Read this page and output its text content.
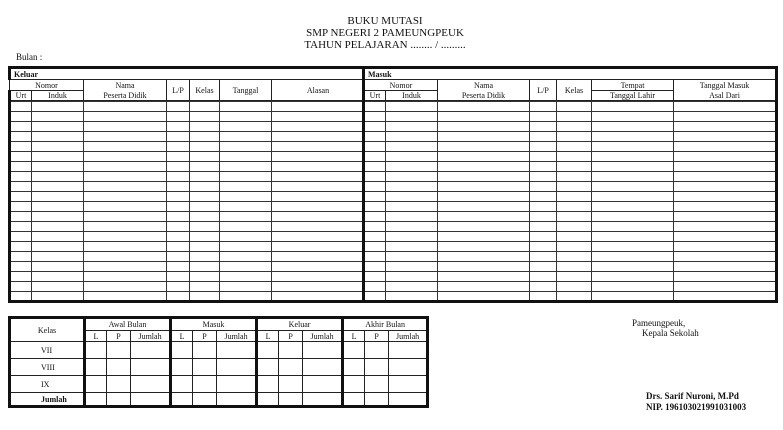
BUKU MUTASI
SMP NEGERI 2 PAMEUNGPEUK
TAHUN PELAJARAN ........ / .........
Bulan :
Keluar						
Nomor		Nama	L/P	Kelas	Tanggal	Alasan
Urt	Induk	Peserta Didik				
Masuk						
Nomor		Nama	L/P	Kelas	Tempat	Tanggal Masuk
Urt	Induk	Peserta Didik			Tanggal Lahir	Asal Dari

Kelas	Awal Bulan			Masuk			Keluar			Akhir Bulan		
	L	P	Jumlah	L	P	Jumlah	L	P	Jumlah	L	P	Jumlah
VII												
VIII												
IX												
Jumlah												
Pameungpeuk,
Kepala Sekolah
Drs. Sarif Nuroni, M.Pd
NIP. 196103021991031003
